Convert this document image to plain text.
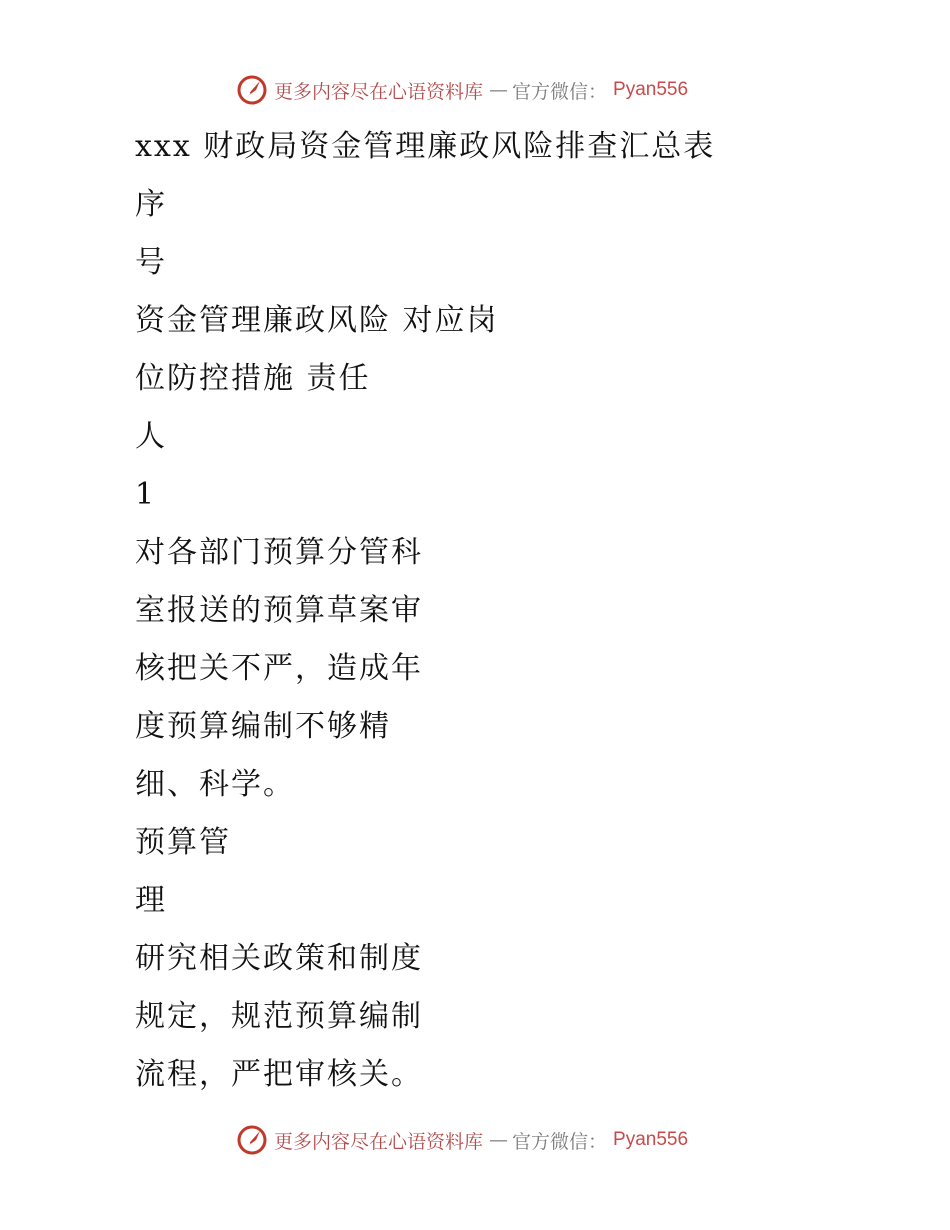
更多内容尽在心语资料库 — 官方微信： Pyan556
xxx 财政局资金管理廉政风险排查汇总表
序
号
资金管理廉政风险 对应岗
位防控措施 责任
人
1
对各部门预算分管科
室报送的预算草案审
核把关不严，造成年
度预算编制不够精
细、科学。
预算管
理
研究相关政策和制度
规定，规范预算编制
流程，严把审核关。
更多内容尽在心语资料库 — 官方微信： Pyan556
